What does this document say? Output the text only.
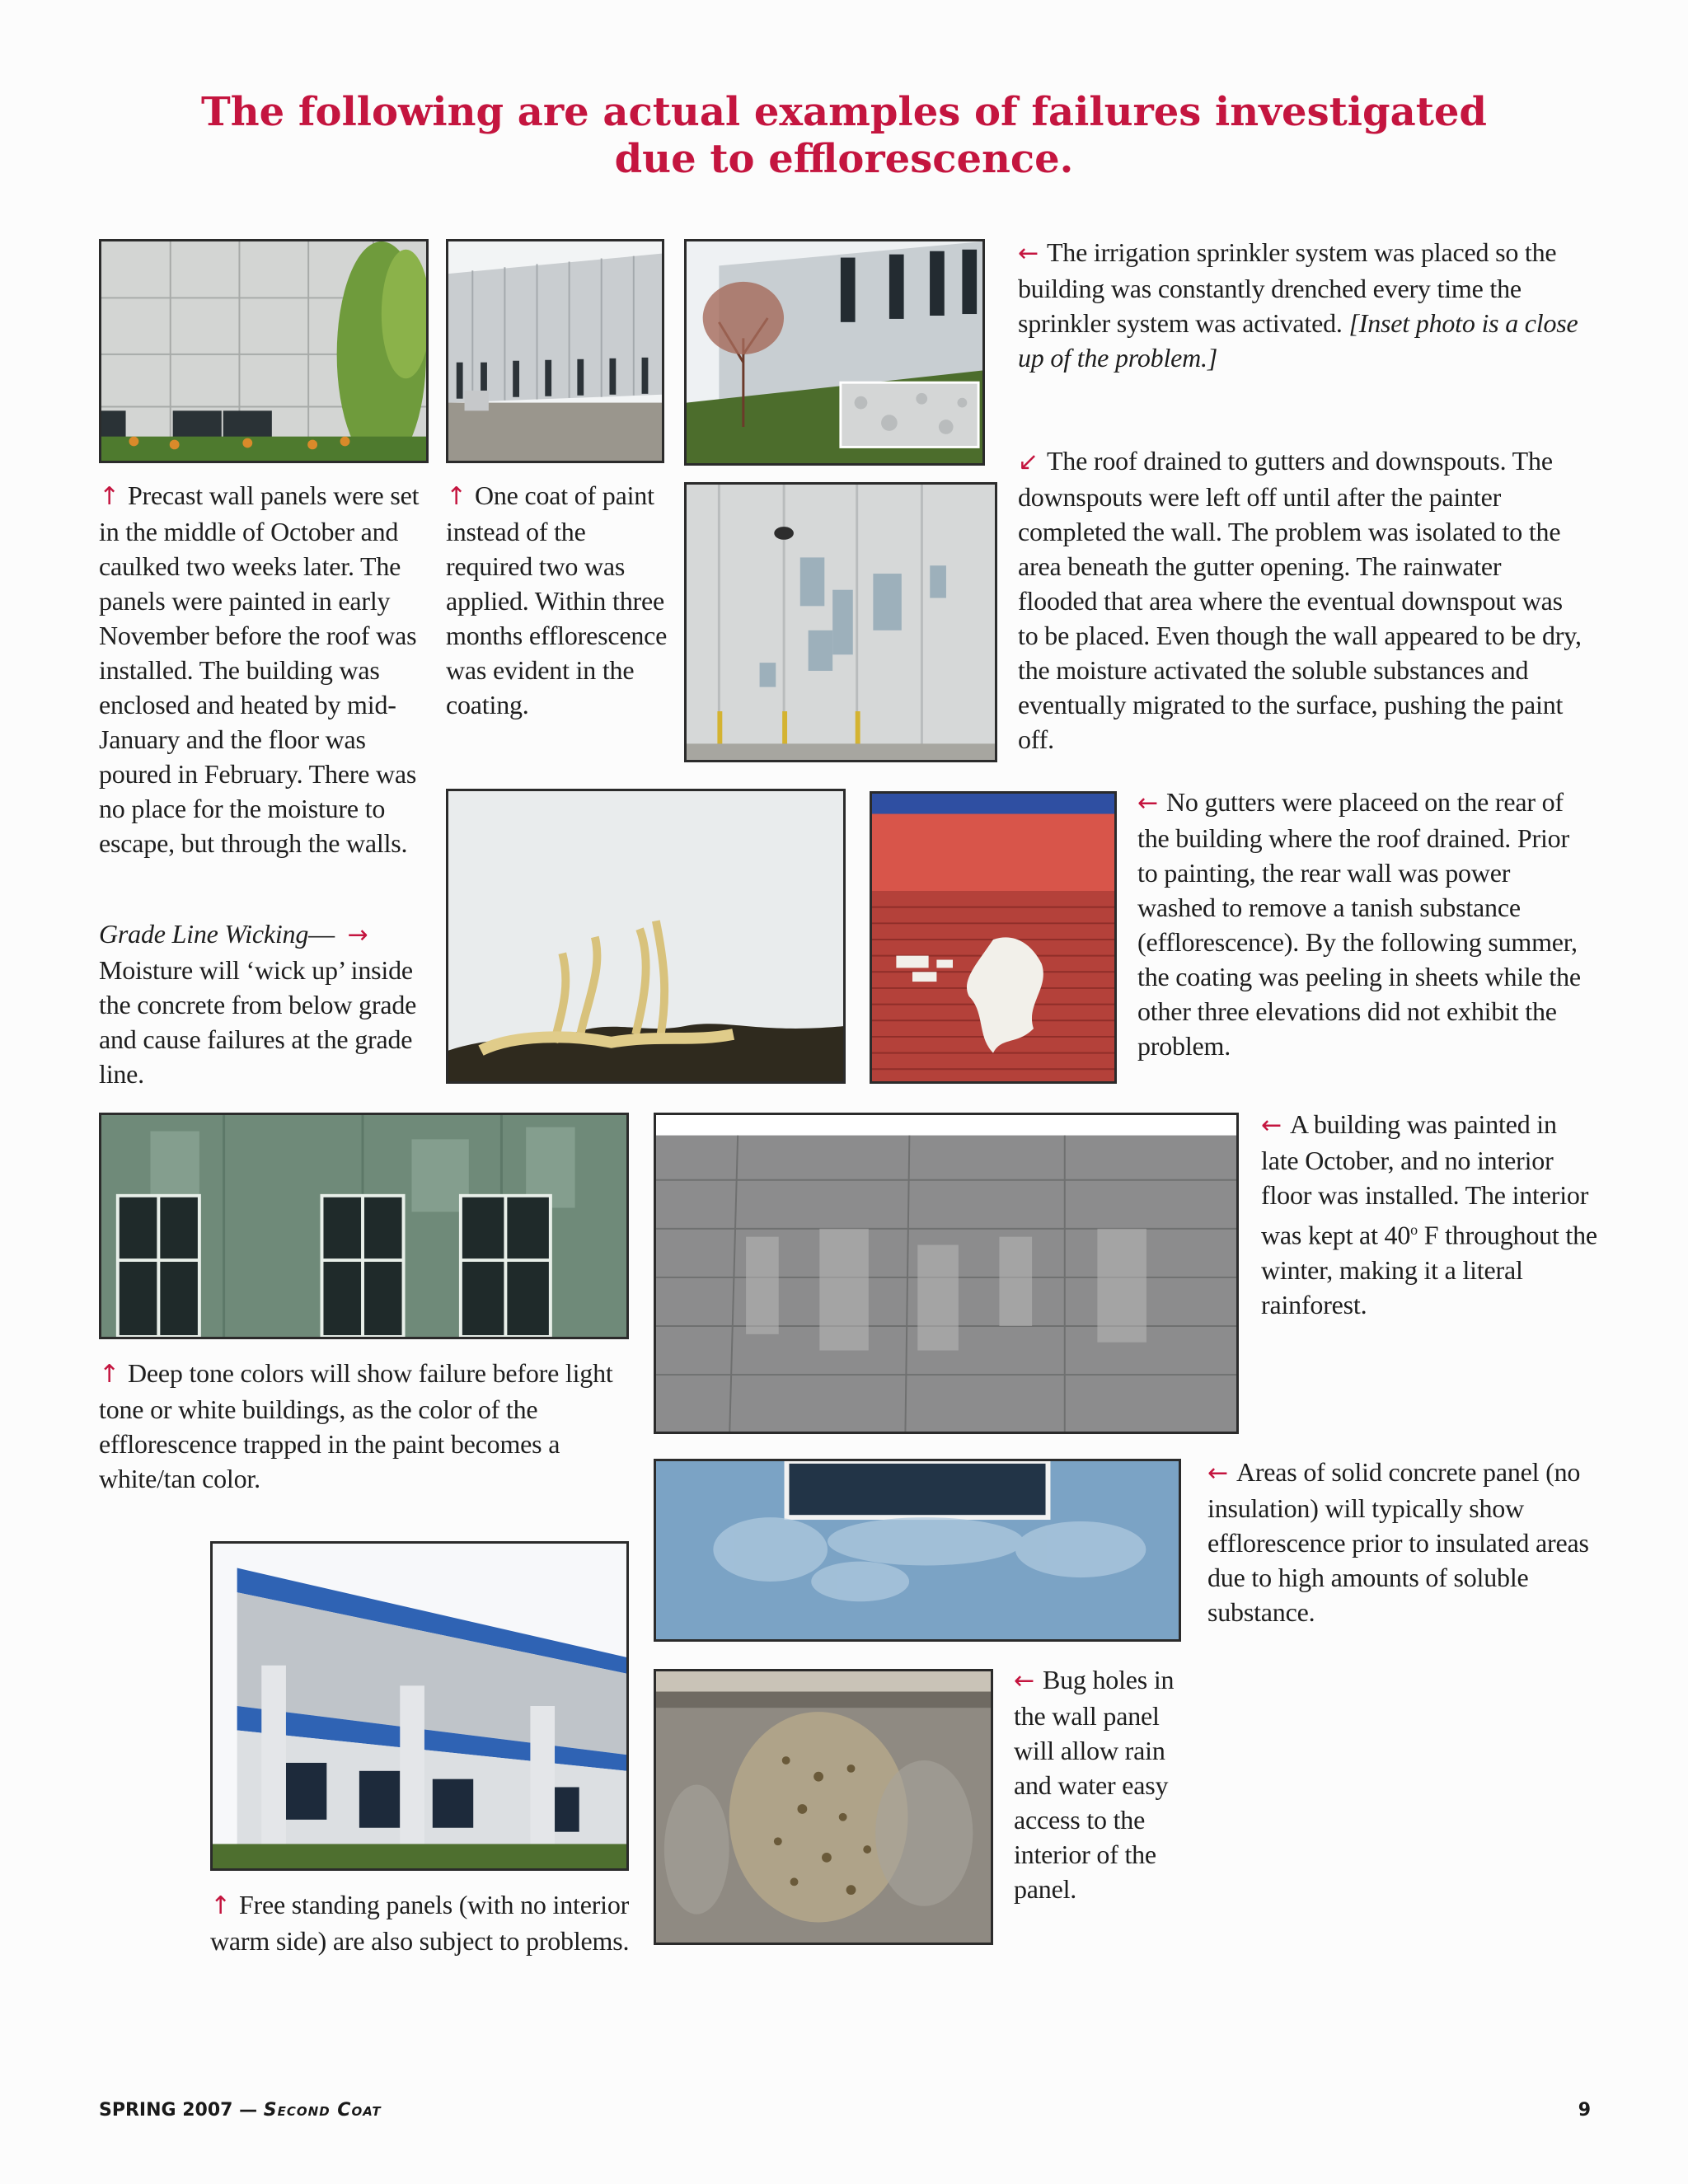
The following are actual examples of failures investigated
due to efflorescence.

← The irrigation sprinkler system was placed so the building was constantly drenched every time the sprinkler system was activated. [Inset photo is a close up of the problem.]

↑ Precast wall panels were set in the middle of October and caulked two weeks later. The panels were painted in early November before the roof was installed. The building was enclosed and heated by mid-January and the floor was poured in February. There was no place for the moisture to escape, but through the walls.

↑ One coat of paint instead of the required two was applied. Within three months efflorescence was evident in the coating.

↙ The roof drained to gutters and downspouts. The downspouts were left off until after the painter completed the wall. The problem was isolated to the area beneath the gutter opening. The rainwater flooded that area where the eventual downspout was to be placed. Even though the wall appeared to be dry, the moisture activated the soluble substances and eventually migrated to the surface, pushing the paint off.

Grade Line Wicking— →
Moisture will ‘wick up’ inside the concrete from below grade and cause failures at the grade line.

← No gutters were placeed on the rear of the building where the roof drained. Prior to painting, the rear wall was power washed to remove a tanish substance (efflorescence). By the following summer, the coating was peeling in sheets while the other three elevations did not exhibit the problem.

← A building was painted in late October, and no interior floor was installed. The interior was kept at 40$^o$ F throughout the winter, making it a literal rainforest.

↑ Deep tone colors will show failure before light tone or white buildings, as the color of the efflorescence trapped in the paint becomes a white/tan color.	← Areas of solid concrete panel (no insulation) will typically show efflorescence prior to insulated areas due to high amounts of soluble substance.

← Bug holes in the wall panel will allow rain and water easy access to the interior of the panel.

↑ Free standing panels (with no interior warm side) are also subject to problems.

SPRING 2007 — Second Coat	9
